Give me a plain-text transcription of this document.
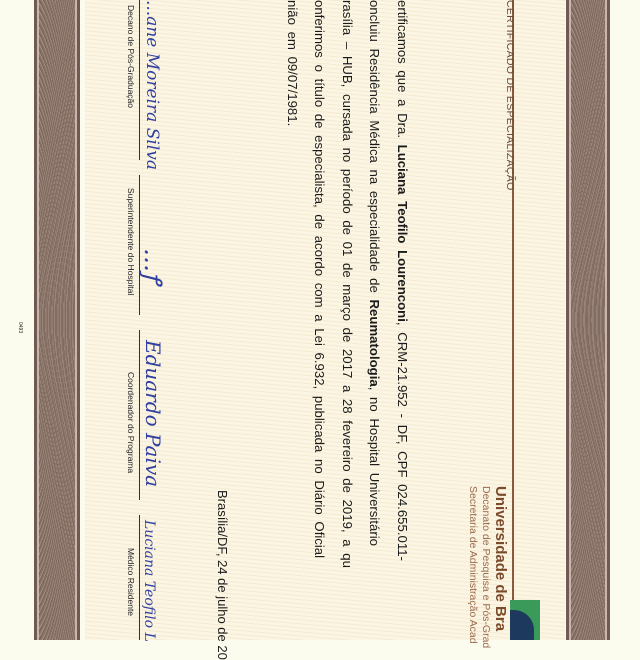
CERTIFICADO DE ESPECIALIZAÇÃO
Universidade de Bra
Decanato de Pesquisa e Pós-Grad
Secretaria de Administração Acad
ertificamos que a Dra. Luciana Teofilo Lourenconi, CRM-21.952 - DF, CPF 024.655.011-
oncluiu Residência Médica na especialidade de Reumatologia, no Hospital Universitário
rasília – HUB, cursada no período de 01 de março de 2017 a 28 fevereiro de 2019, a qu
onferimos o título de especialista, de acordo com a Lei 6.932, publicada no Diário Oficial
nião em 09/07/1981.
Brasília/DF, 24 de julho de 20
Decano de Pós-Graduação ...ane Moreira Silva
Superintendente do Hospital …ꝭ
Coordenador do Programa Eduardo Paiva
Médico Residente Luciana Teofilo L
0493
